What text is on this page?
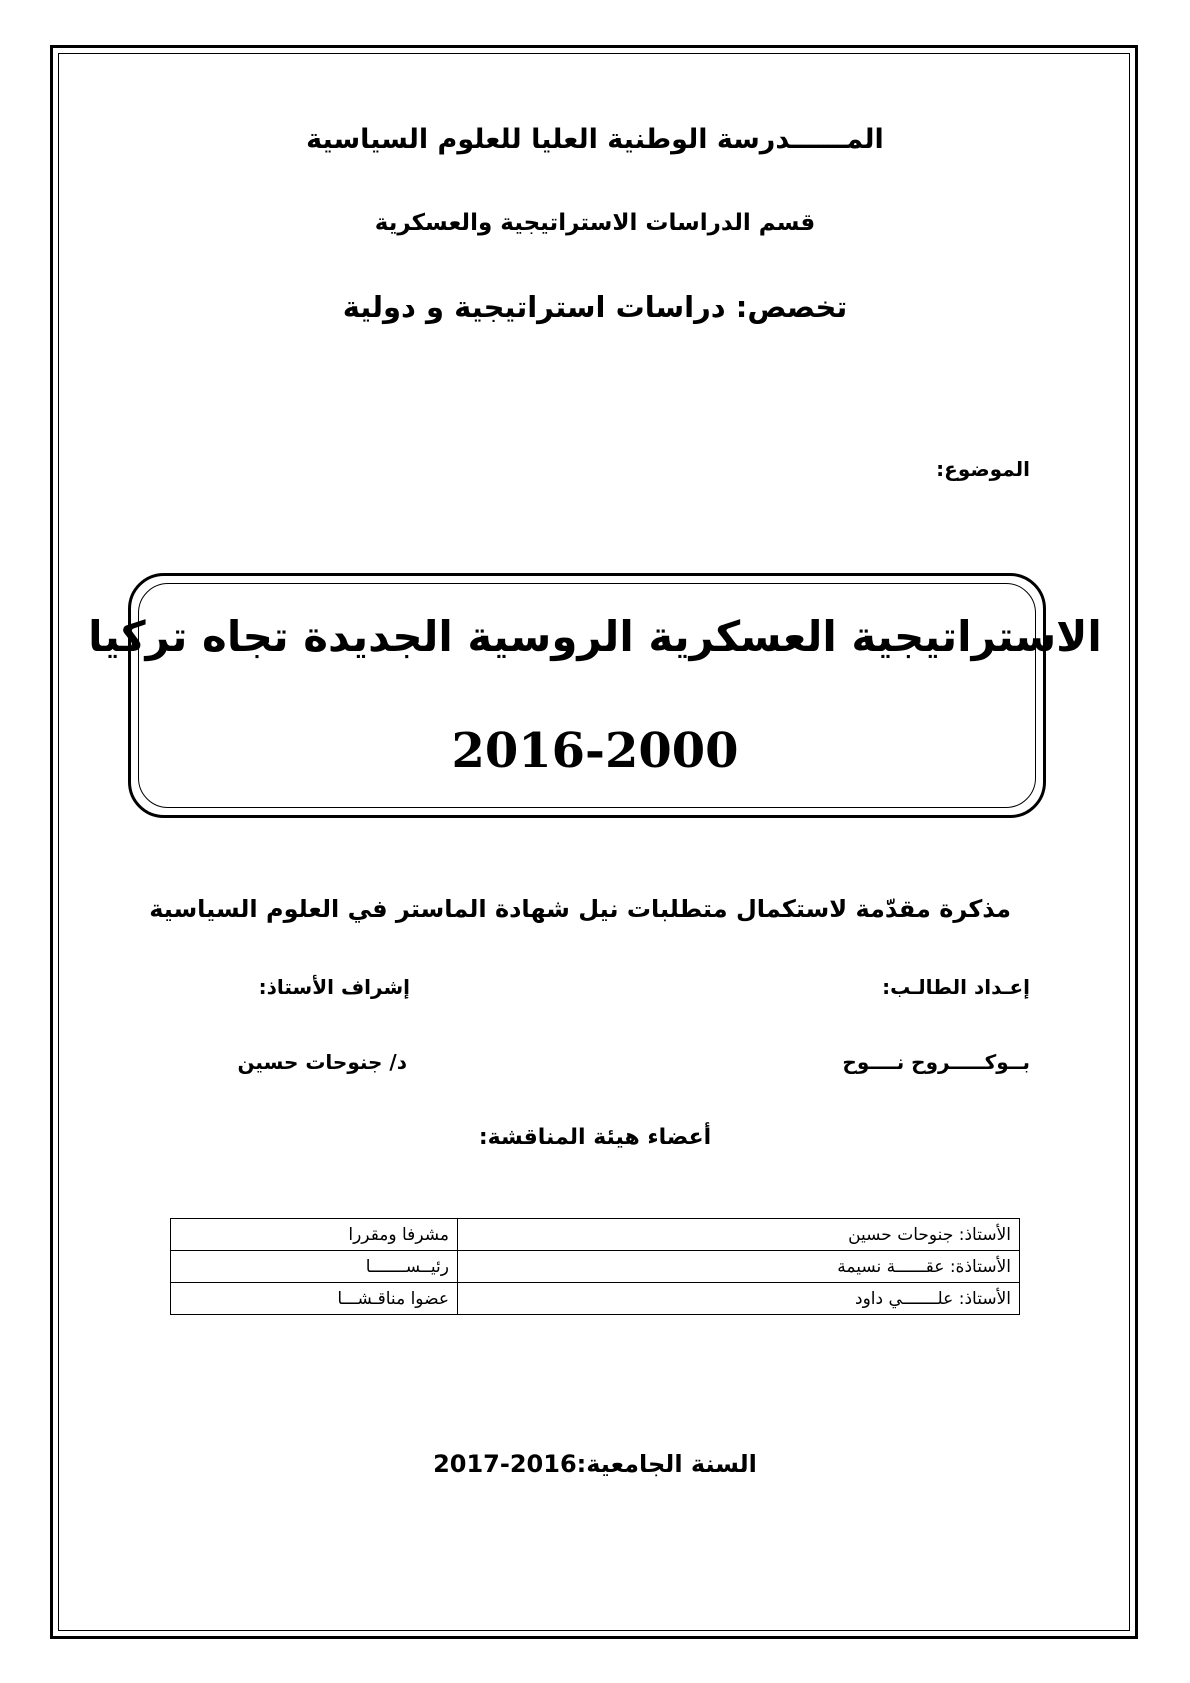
المــــــدرسة الوطنية العليا للعلوم السياسية
قسم الدراسات الاستراتيجية والعسكرية
تخصص: دراسات استراتيجية و دولية
الموضوع:
الاستراتيجية العسكرية الروسية الجديدة تجاه تركيا
2016-2000
مذكرة مقدّمة لاستكمال متطلبات نيل شهادة الماستر في العلوم السياسية
إعـداد الطالـب:
إشراف الأستاذ:
بــوكـــــروح نــــوح
د/ جنوحات حسين
أعضاء هيئة المناقشة:
الأستاذ: جنوحات حسين	مشرفا ومقررا
الأستاذة: عقــــــة نسيمة	رئيــســـــــا
الأستاذ: علـــــــي داود	عضوا مناقـشـــا
السنة الجامعية:2016-2017
